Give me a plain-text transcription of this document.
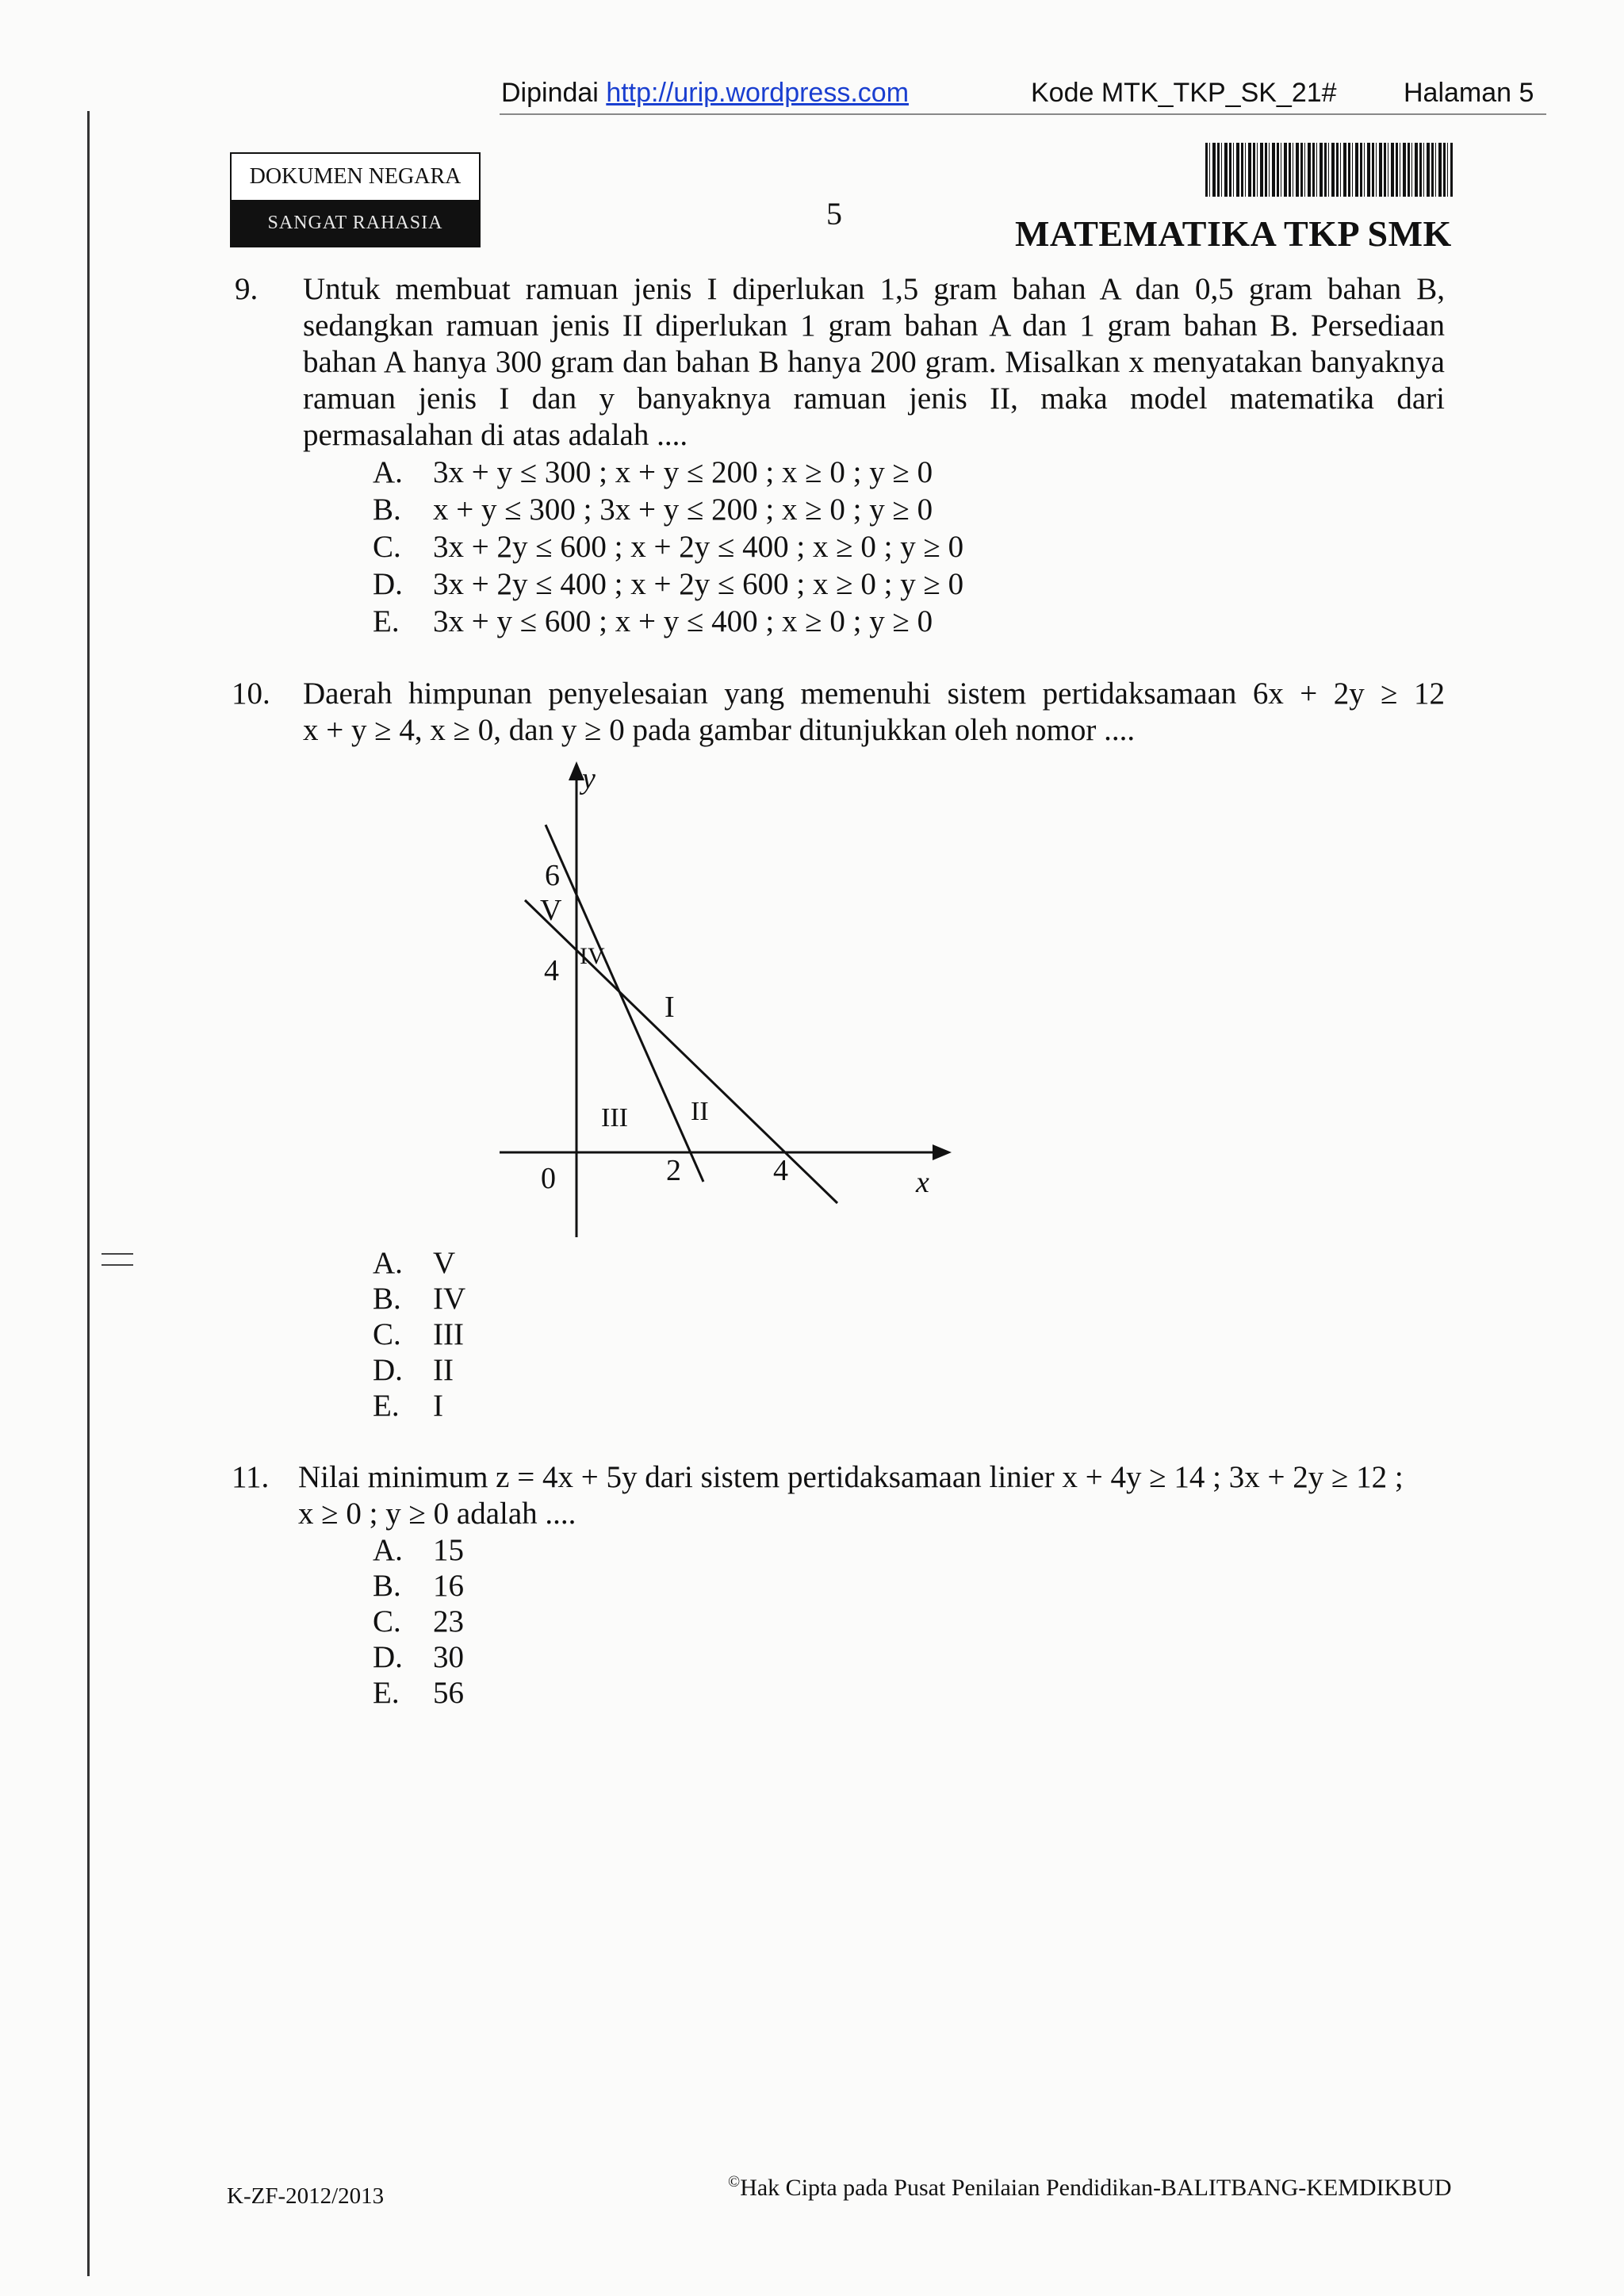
Dipindai http://urip.wordpress.com	Kode MTK_TKP_SK_21# Halaman 5
DOKUMEN NEGARA
SANGAT RAHASIA	5	MATEMATIKA TKP SMK
9. Untuk membuat ramuan jenis I diperlukan 1,5 gram bahan A dan 0,5 gram bahan B,
sedangkan ramuan jenis II diperlukan 1 gram bahan A dan 1 gram bahan B. Persediaan
bahan A hanya 300 gram dan bahan B hanya 200 gram. Misalkan x menyatakan banyaknya
ramuan jenis I dan y banyaknya ramuan jenis II, maka model matematika dari
permasalahan di atas adalah ....
A. 3x + y ≤ 300 ; x + y ≤ 200 ; x ≥ 0 ; y ≥ 0
B. x + y ≤ 300 ; 3x + y ≤ 200 ; x ≥ 0 ; y ≥ 0
C. 3x + 2y ≤ 600 ; x + 2y ≤ 400 ; x ≥ 0 ; y ≥ 0
D. 3x + 2y ≤ 400 ; x + 2y ≤ 600 ; x ≥ 0 ; y ≥ 0
E. 3x + y ≤ 600 ; x + y ≤ 400 ; x ≥ 0 ; y ≥ 0
10. Daerah himpunan penyelesaian yang memenuhi sistem pertidaksamaan 6x + 2y ≥ 12
x + y ≥ 4, x ≥ 0, dan y ≥ 0 pada gambar ditunjukkan oleh nomor ....
y
x
0	2	4
4
6
I
II
III
IV
V
A. V
B. IV
C. III
D. II
E. I
11. Nilai minimum z = 4x + 5y dari sistem pertidaksamaan linier x + 4y ≥ 14 ; 3x + 2y ≥ 12 ;
x ≥ 0 ; y ≥ 0 adalah ....
A. 15
B. 16
C. 23
D. 30
E. 56
K-ZF-2012/2013
©Hak Cipta pada Pusat Penilaian Pendidikan-BALITBANG-KEMDIKBUD
